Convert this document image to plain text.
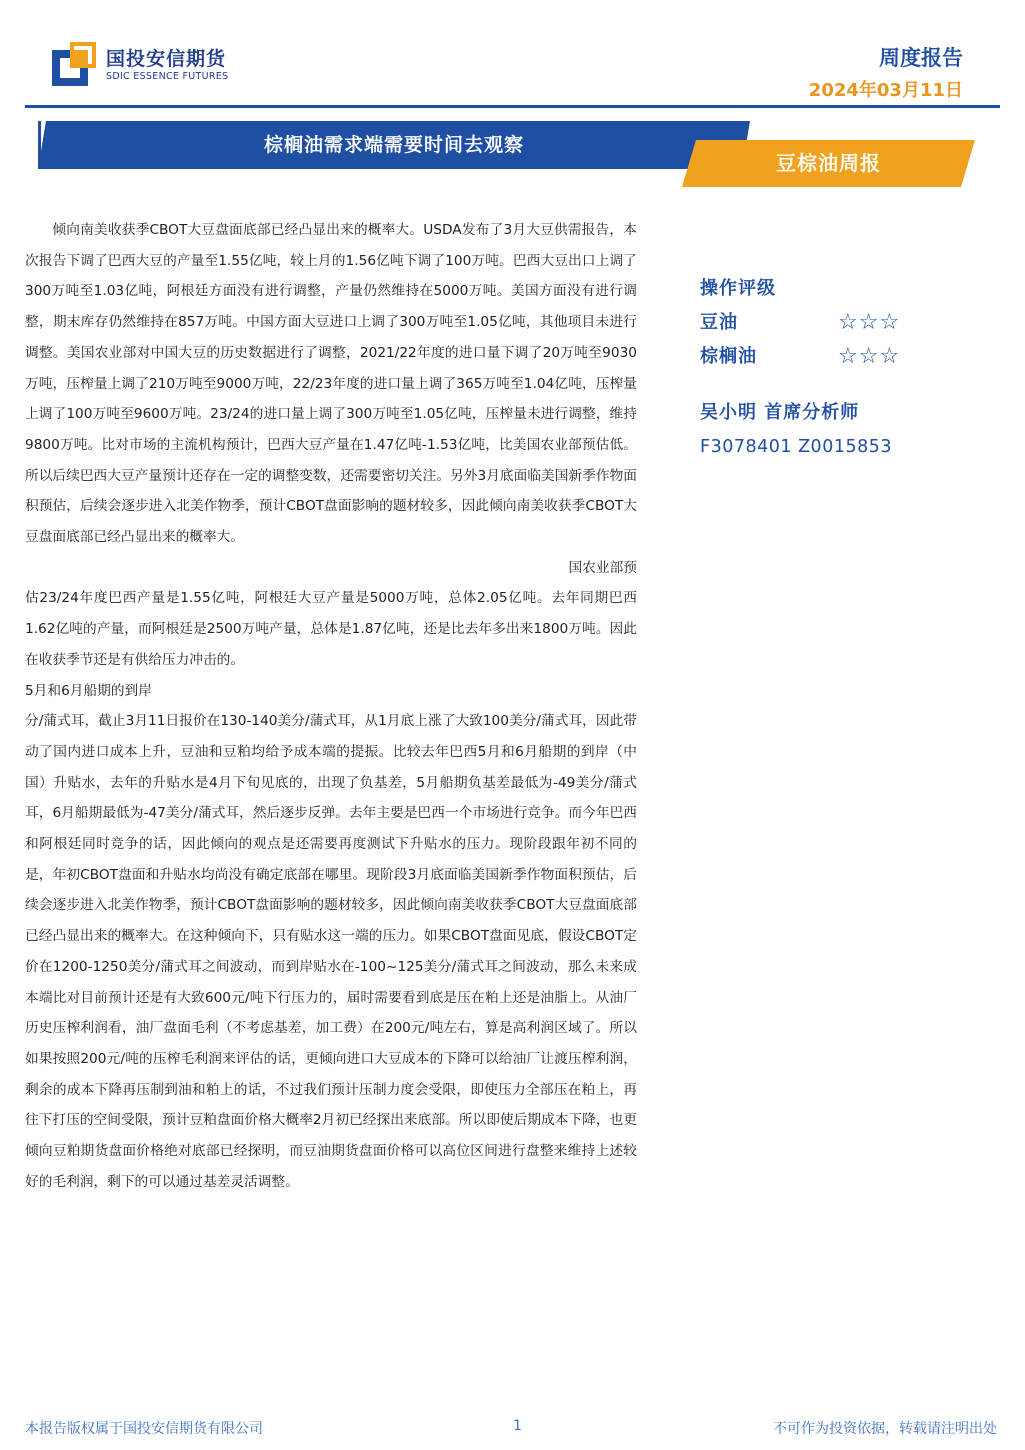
国投安信期货
SDIC ESSENCE FUTURES
周度报告
2024年03月11日
棕榈油需求端需要时间去观察
豆棕油周报

倾向南美收获季CBOT大豆盘面底部已经凸显出来的概率大。USDA发布了3月大豆供需报告，本次报告下调了巴西大豆的产量至1.55亿吨，较上月的1.56亿吨下调了100万吨。巴西大豆出口上调了300万吨至1.03亿吨，阿根廷方面没有进行调整，产量仍然维持在5000万吨。美国方面没有进行调整，期末库存仍然维持在857万吨。中国方面大豆进口上调了300万吨至1.05亿吨，其他项目未进行调整。美国农业部对中国大豆的历史数据进行了调整，2021/22年度的进口量下调了20万吨至9030万吨，压榨量上调了210万吨至9000万吨，22/23年度的进口量上调了365万吨至1.04亿吨，压榨量上调了100万吨至9600万吨。23/24的进口量上调了300万吨至1.05亿吨，压榨量未进行调整，维持9800万吨。比对市场的主流机构预计，巴西大豆产量在1.47亿吨-1.53亿吨，比美国农业部预估低。所以后续巴西大豆产量预计还存在一定的调整变数，还需要密切关注。另外3月底面临美国新季作物面积预估，后续会逐步进入北美作物季，预计CBOT盘面影响的题材较多，因此倾向南美收获季CBOT大豆盘面底部已经凸显出来的概率大。

国农业部预

估23/24年度巴西产量是1.55亿吨，阿根廷大豆产量是5000万吨，总体2.05亿吨。去年同期巴西1.62亿吨的产量，而阿根廷是2500万吨产量，总体是1.87亿吨，还是比去年多出来1800万吨。因此在收获季节还是有供给压力冲击的。

5月和6月船期的到岸

分/蒲式耳，截止3月11日报价在130-140美分/蒲式耳，从1月底上涨了大致100美分/蒲式耳，因此带动了国内进口成本上升，豆油和豆粕均给予成本端的提振。比较去年巴西5月和6月船期的到岸（中国）升贴水，去年的升贴水是4月下旬见底的，出现了负基差，5月船期负基差最低为-49美分/蒲式耳，6月船期最低为-47美分/蒲式耳，然后逐步反弹。去年主要是巴西一个市场进行竞争。而今年巴西和阿根廷同时竞争的话，因此倾向的观点是还需要再度测试下升贴水的压力。现阶段跟年初不同的是，年初CBOT盘面和升贴水均尚没有确定底部在哪里。现阶段3月底面临美国新季作物面积预估，后续会逐步进入北美作物季，预计CBOT盘面影响的题材较多，因此倾向南美收获季CBOT大豆盘面底部已经凸显出来的概率大。在这种倾向下，只有贴水这一端的压力。如果CBOT盘面见底，假设CBOT定价在1200-1250美分/蒲式耳之间波动，而到岸贴水在-100~125美分/蒲式耳之间波动，那么未来成本端比对目前预计还是有大致600元/吨下行压力的，届时需要看到底是压在粕上还是油脂上。从油厂历史压榨利润看，油厂盘面毛利（不考虑基差，加工费）在200元/吨左右，算是高利润区域了。所以如果按照200元/吨的压榨毛利润来评估的话，更倾向进口大豆成本的下降可以给油厂让渡压榨利润，剩余的成本下降再压制到油和粕上的话，不过我们预计压制力度会受限，即使压力全部压在粕上，再往下打压的空间受限，预计豆粕盘面价格大概率2月初已经探出来底部。所以即使后期成本下降，也更倾向豆粕期货盘面价格绝对底部已经探明，而豆油期货盘面价格可以高位区间进行盘整来维持上述较好的毛利润，剩下的可以通过基差灵活调整。

操作评级
豆油	☆☆☆
棕榈油	☆☆☆
吴小明 首席分析师
F3078401 Z0015853
本报告版权属于国投安信期货有限公司	1	不可作为投资依据，转载请注明出处
